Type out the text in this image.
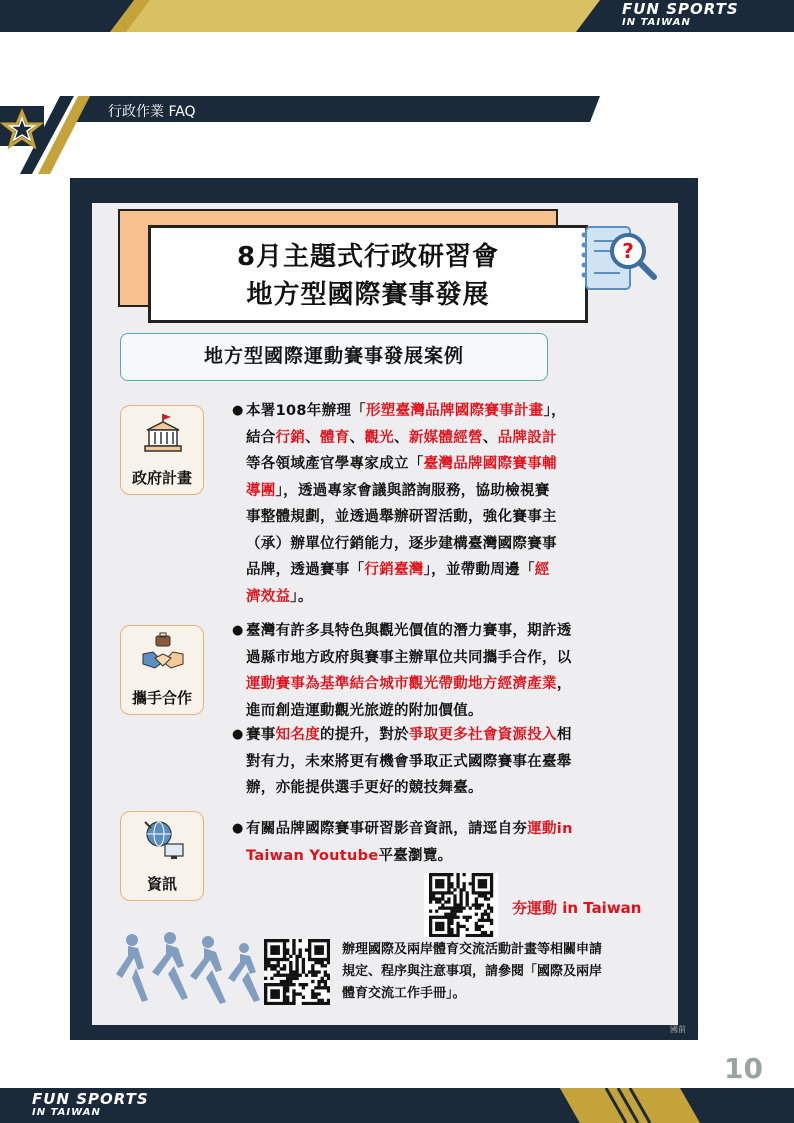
FUN SPORTS
IN TAIWAN
行政作業 FAQ
8月主題式行政研習會
地方型國際賽事發展
?
地方型國際運動賽事發展案例
政府計畫
攜手合作
資訊
● 本署108年辦理「形塑臺灣品牌國際賽事計畫」，
結合行銷、體育、觀光、新媒體經營、品牌設計
等各領域產官學專家成立「臺灣品牌國際賽事輔
導團」，透過專家會議與諮詢服務，協助檢視賽
事整體規劃，並透過舉辦研習活動，強化賽事主
（承）辦單位行銷能力，逐步建構臺灣國際賽事
品牌，透過賽事「行銷臺灣」，並帶動周邊「經
濟效益」。
● 臺灣有許多具特色與觀光價值的潛力賽事，期許透
過縣市地方政府與賽事主辦單位共同攜手合作，以
運動賽事為基準結合城市觀光帶動地方經濟產業，
進而創造運動觀光旅遊的附加價值。
● 賽事知名度的提升，對於爭取更多社會資源投入相
對有力，未來將更有機會爭取正式國際賽事在臺舉
辦，亦能提供選手更好的競技舞臺。
● 有關品牌國際賽事研習影音資訊，請逕自夯運動in
Taiwan Youtube平臺瀏覽。
夯運動 in Taiwan
辦理國際及兩岸體育交流活動計畫等相關申請
規定、程序與注意事項，請參閱「國際及兩岸
體育交流工作手冊」。
國前
10
FUN SPORTS
IN TAIWAN
